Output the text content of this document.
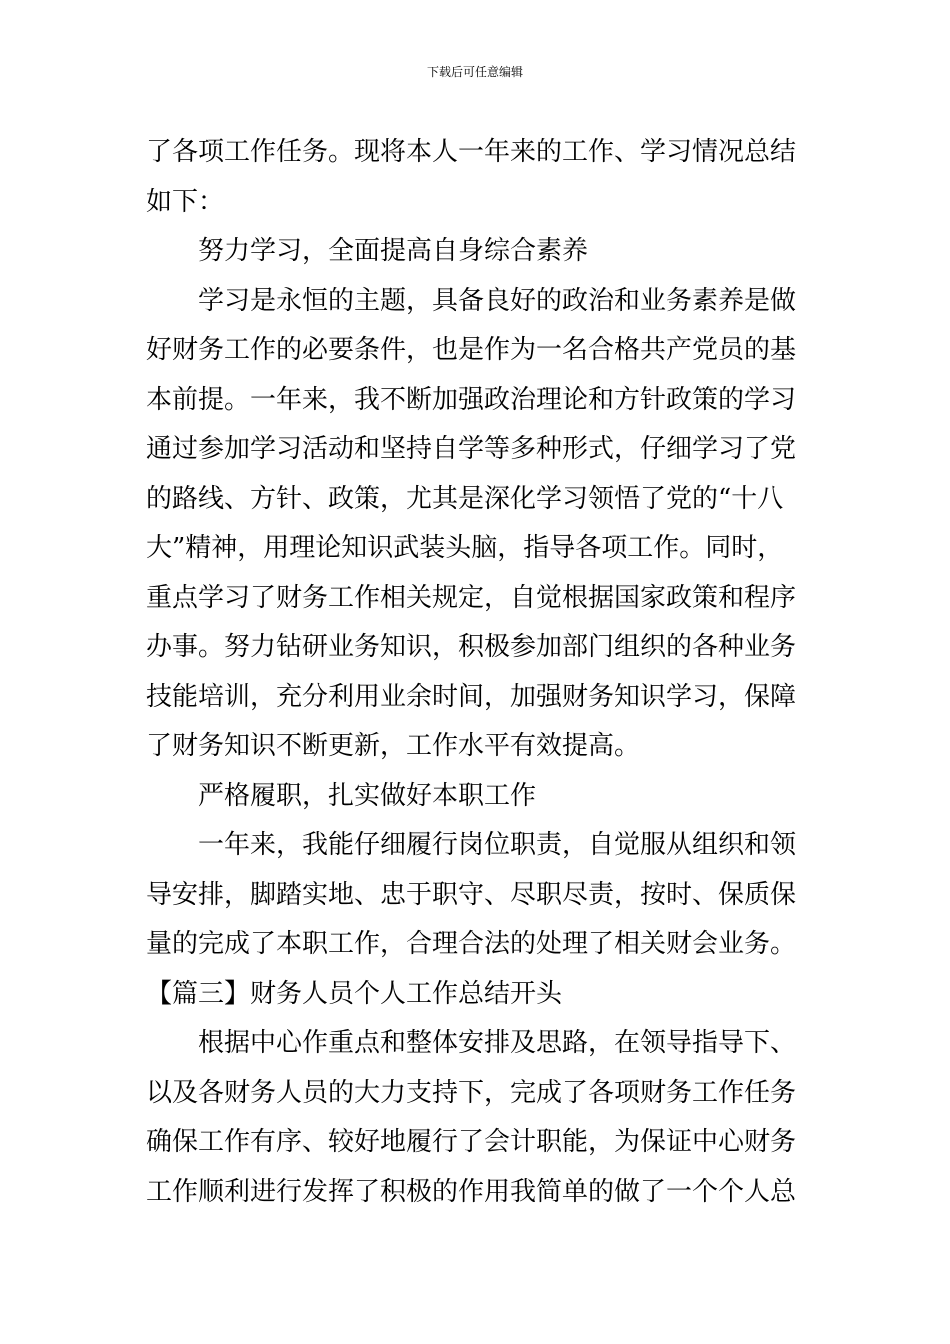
下载后可任意编辑
了各项工作任务。现将本人一年来的工作、学习情况总结
如下：
努力学习，全面提高自身综合素养
学习是永恒的主题，具备良好的政治和业务素养是做
好财务工作的必要条件，也是作为一名合格共产党员的基
本前提。一年来，我不断加强政治理论和方针政策的学习
通过参加学习活动和坚持自学等多种形式，仔细学习了党
的路线、方针、政策，尤其是深化学习领悟了党的“十八
大”精神，用理论知识武装头脑，指导各项工作。同时，
重点学习了财务工作相关规定，自觉根据国家政策和程序
办事。努力钻研业务知识，积极参加部门组织的各种业务
技能培训，充分利用业余时间，加强财务知识学习，保障
了财务知识不断更新，工作水平有效提高。
严格履职，扎实做好本职工作
一年来，我能仔细履行岗位职责，自觉服从组织和领
导安排，脚踏实地、忠于职守、尽职尽责，按时、保质保
量的完成了本职工作，合理合法的处理了相关财会业务。
【篇三】财务人员个人工作总结开头
根据中心作重点和整体安排及思路，在领导指导下、
以及各财务人员的大力支持下，完成了各项财务工作任务
确保工作有序、较好地履行了会计职能，为保证中心财务
工作顺利进行发挥了积极的作用我简单的做了一个个人总
